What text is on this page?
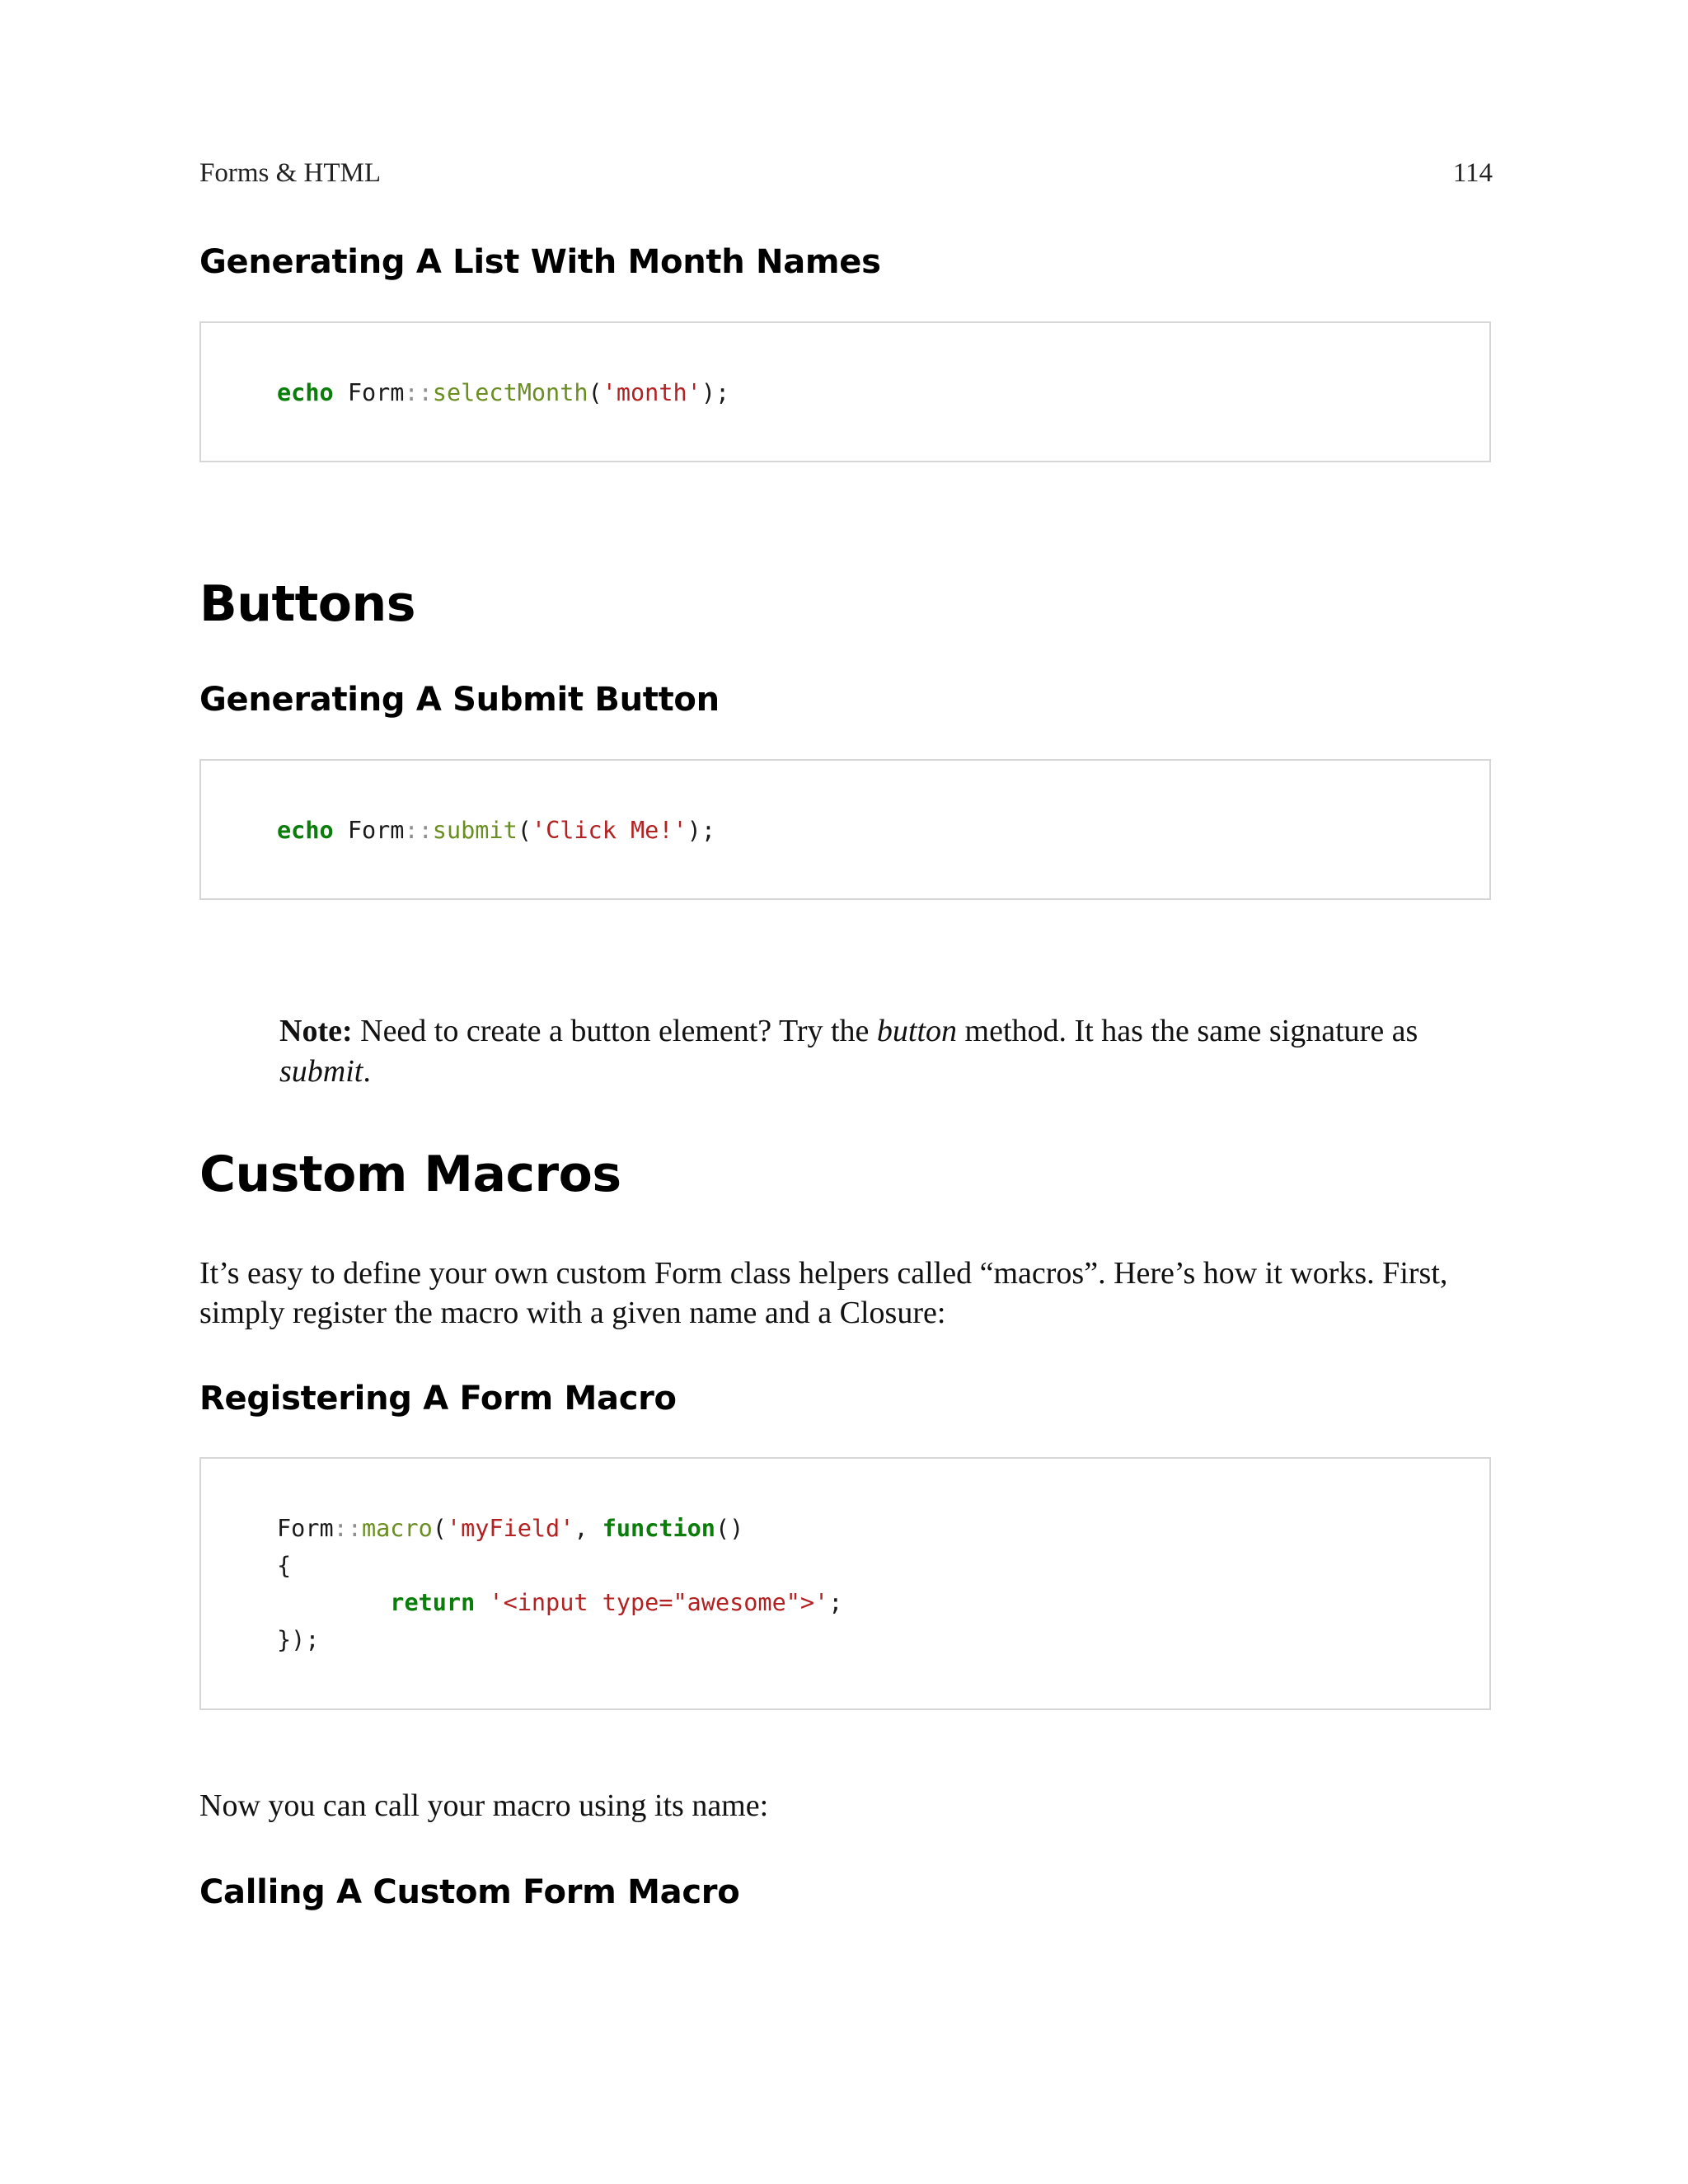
Forms & HTML	114
Generating A List With Month Names
echo Form::selectMonth('month');
Buttons
Generating A Submit Button
echo Form::submit('Click Me!');

Note: Need to create a button element? Try the button method. It has the same signature as submit.

Custom Macros

It’s easy to define your own custom Form class helpers called “macros”. Here’s how it works. First, simply register the macro with a given name and a Closure:

Registering A Form Macro
Form::macro('myField', function()
{
return '<input type="awesome">';
});

Now you can call your macro using its name:

Calling A Custom Form Macro
